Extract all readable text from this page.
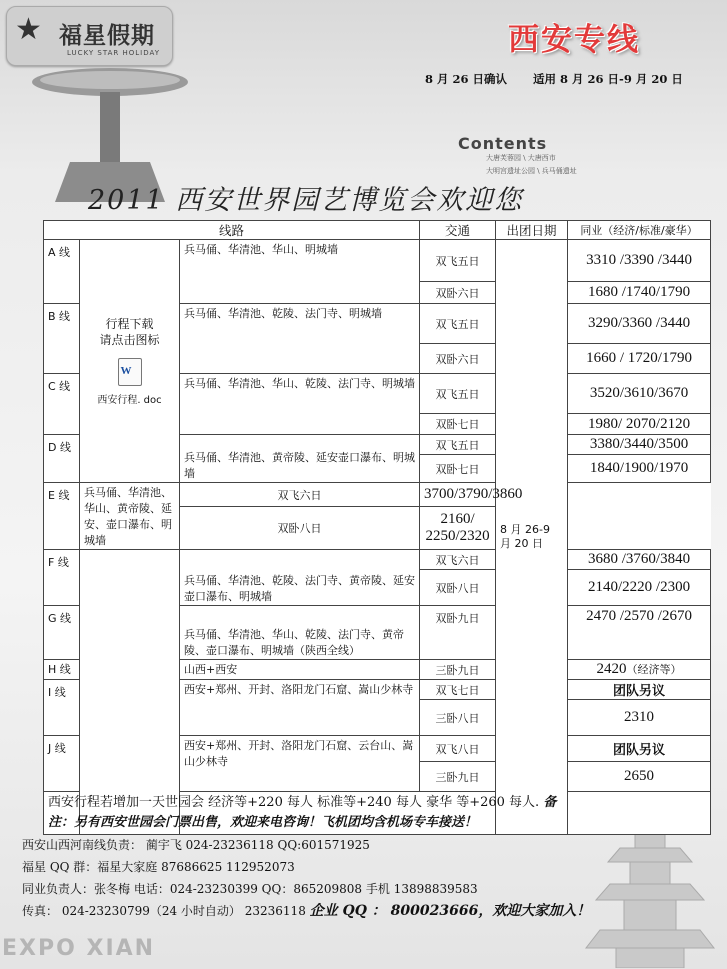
★ 福星假期
LUCKY STAR HOLIDAY	西安专线
8 月 26 日确认 适用 8 月 26 日-9 月 20 日
Contents
大唐芙蓉园 \ 大唐西市
大明宫遗址公园 \ 兵马俑遗址
2011 西安世界园艺博览会欢迎您
线路			交通	出团日期	同业（经济/标准/豪华）
A 线	行程下载
请点击图标
W
西安行程. doc	兵马俑、华清池、华山、明城墙	双飞五日	8 月 26-9 月 20 日	3310 /3390 /3440
			双卧六日		1680 /1740/1790
B 线		兵马俑、华清池、乾陵、法门寺、明城墙	双飞五日		3290/3360 /3440
			双卧六日		1660 / 1720/1790
C 线		兵马俑、华清池、华山、乾陵、法门寺、明城墙	双飞五日		3520/3610/3670
			双卧七日		1980/ 2070/2120
D 线		兵马俑、华清池、黄帝陵、延安壶口瀑布、明城墙	双飞五日		3380/3440/3500
			双卧七日		1840/1900/1970
E 线	兵马俑、华清池、华山、黄帝陵、延安、壶口瀑布、明城墙	双飞六日	3700/3790/3860		
		双卧八日	2160/ 2250/2320		
F 线		兵马俑、华清池、乾陵、法门寺、黄帝陵、延安壶口瀑布、明城墙	双飞六日		3680 /3760/3840
			双卧八日		2140/2220 /2300
G 线		兵马俑、华清池、华山、乾陵、法门寺、黄帝陵、壶口瀑布、明城墙（陕西全线）	双卧九日		2470 /2570 /2670
H 线		山西+西安	三卧九日		2420（经济等）
I 线		西安+郑州、开封、洛阳龙门石窟、嵩山少林寺	双飞七日		团队另议
			三卧八日		2310
J 线		西安+郑州、开封、洛阳龙门石窟、云台山、嵩山少林寺	双飞八日		团队另议
			三卧九日		2650
西安行程若增加一天世园会 经济等+220 每人 标准等+240 每人 豪华 等+260 每人. 备
注：另有西安世园会门票出售，欢迎来电咨询！飞机团均含机场专车接送！					
西安山西河南线负责： 蔺宇飞 024-23236118 QQ:601571925
福星 QQ 群：福星大家庭 87686625 112952073
同业负责人：张冬梅 电话：024-23230399 QQ：865209808 手机 13898839583
传真： 024-23230799（24 小时自动） 23236118 企业 QQ ： 800023666，欢迎大家加入！
EXPO XIAN
